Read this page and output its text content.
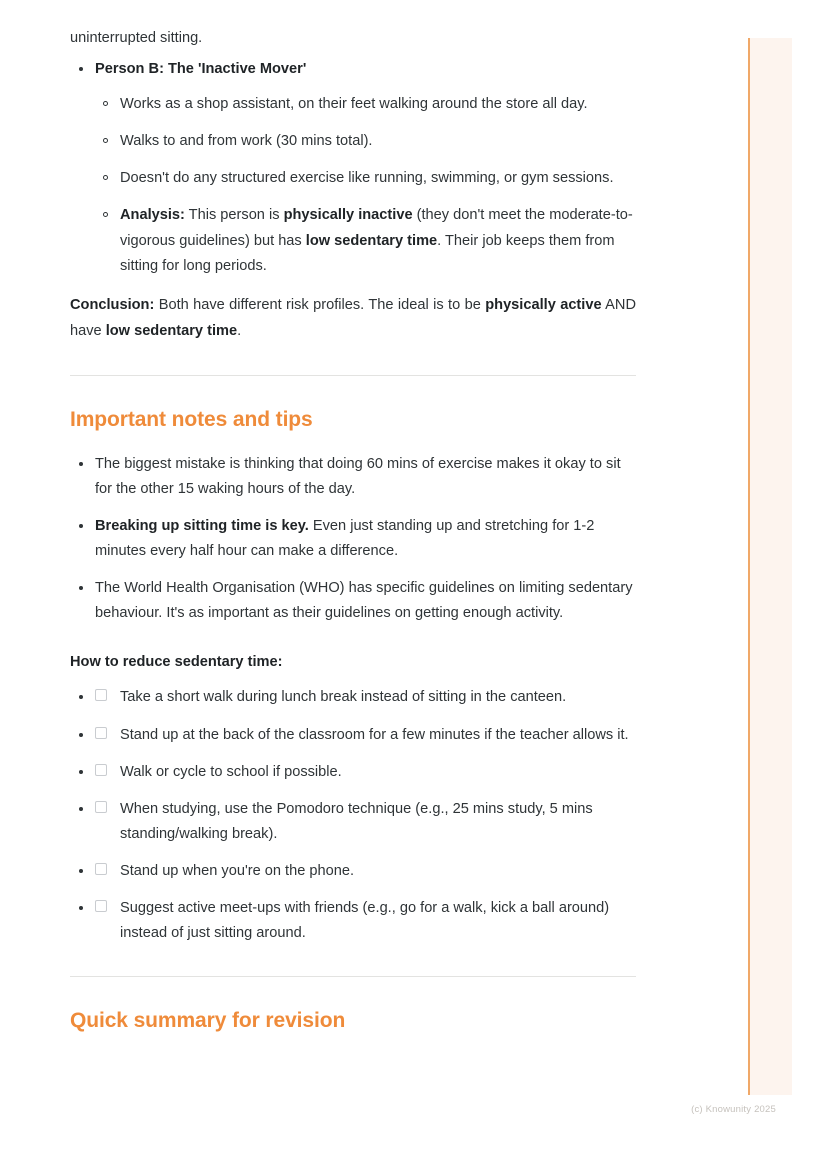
uninterrupted sitting.

Person B: The 'Inactive Mover'
Works as a shop assistant, on their feet walking around the store all day.
Walks to and from work (30 mins total).
Doesn't do any structured exercise like running, swimming, or gym sessions.
Analysis: This person is physically inactive (they don't meet the moderate-to-vigorous guidelines) but has low sedentary time. Their job keeps them from sitting for long periods.

Conclusion: Both have different risk profiles. The ideal is to be physically active AND have low sedentary time.

Important notes and tips
The biggest mistake is thinking that doing 60 mins of exercise makes it okay to sit for the other 15 waking hours of the day.
Breaking up sitting time is key. Even just standing up and stretching for 1-2 minutes every half hour can make a difference.
The World Health Organisation (WHO) has specific guidelines on limiting sedentary behaviour. It's as important as their guidelines on getting enough activity.

How to reduce sedentary time:

Take a short walk during lunch break instead of sitting in the canteen.
Stand up at the back of the classroom for a few minutes if the teacher allows it.
Walk or cycle to school if possible.
When studying, use the Pomodoro technique (e.g., 25 mins study, 5 mins standing/walking break).
Stand up when you're on the phone.
Suggest active meet-ups with friends (e.g., go for a walk, kick a ball around) instead of just sitting around.
Quick summary for revision
(c) Knowunity 2025
